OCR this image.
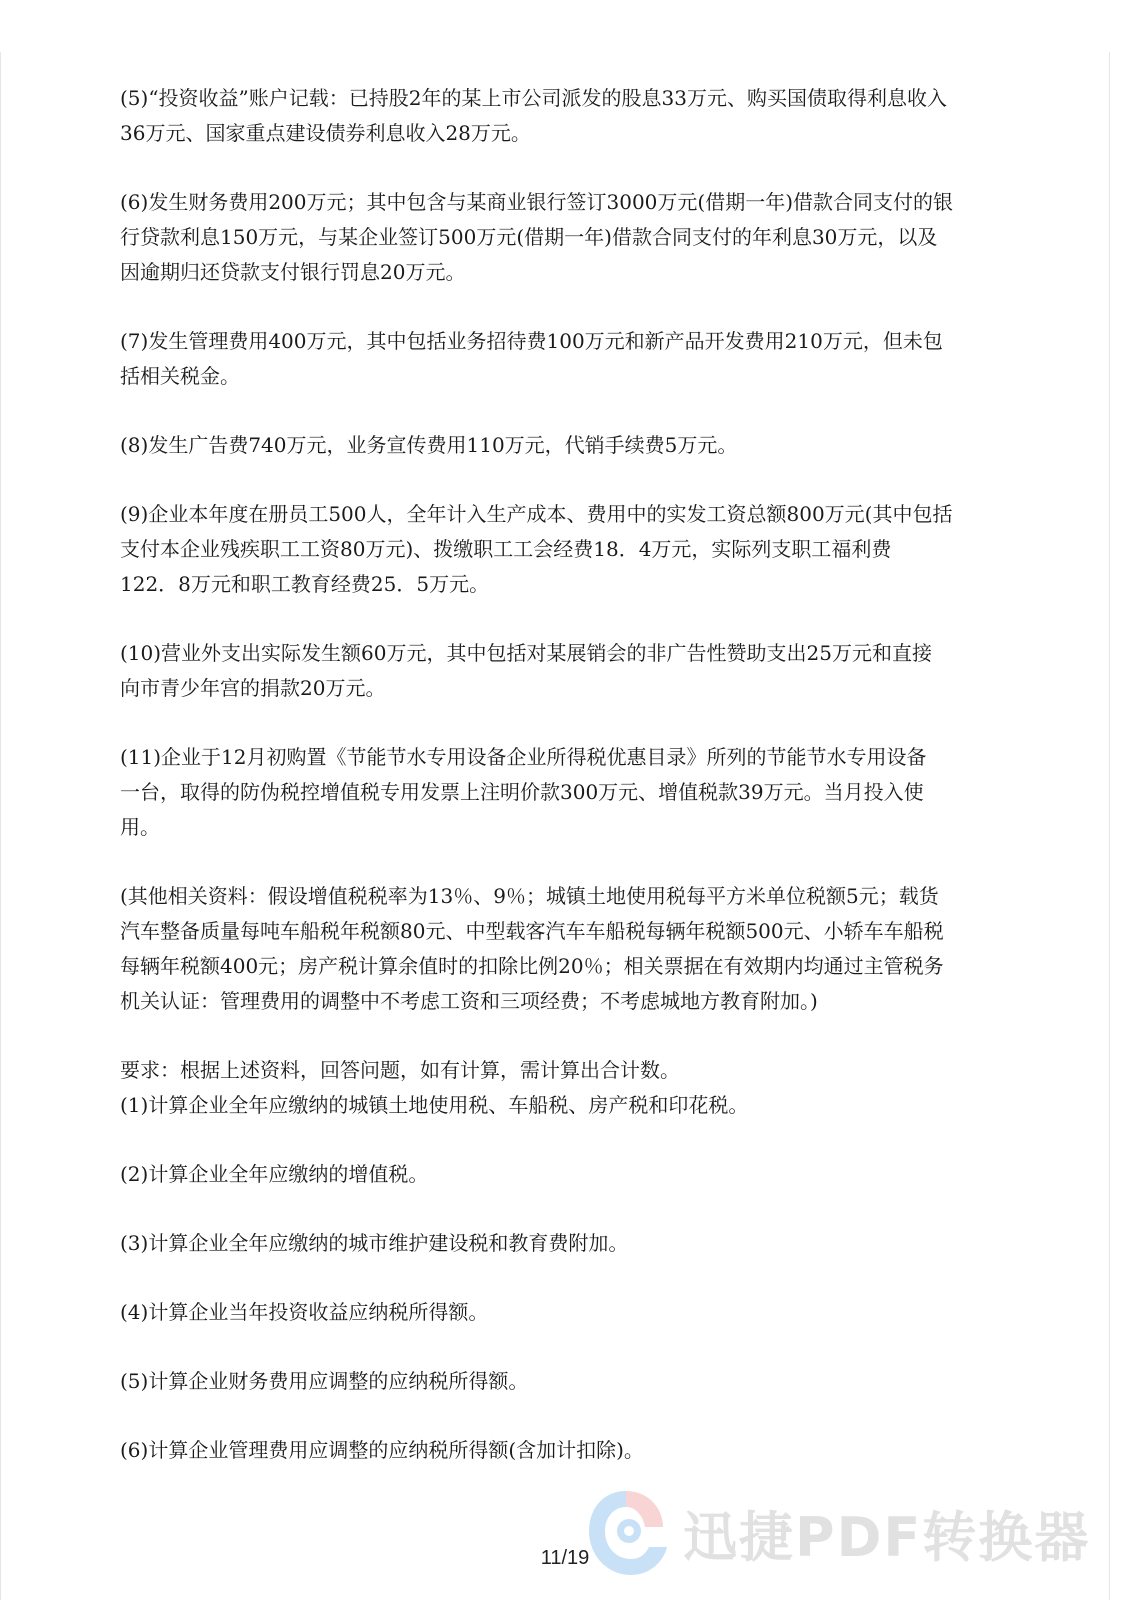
(5)“投资收益”账户记载：已持股2年的某上市公司派发的股息33万元、购买国债取得利息收入
36万元、国家重点建设债券利息收入28万元。

(6)发生财务费用200万元；其中包含与某商业银行签订3000万元(借期一年)借款合同支付的银
行贷款利息150万元，与某企业签订500万元(借期一年)借款合同支付的年利息30万元，以及
因逾期归还贷款支付银行罚息20万元。

(7)发生管理费用400万元，其中包括业务招待费100万元和新产品开发费用210万元，但未包
括相关税金。

(8)发生广告费740万元，业务宣传费用110万元，代销手续费5万元。

(9)企业本年度在册员工500人，全年计入生产成本、费用中的实发工资总额800万元(其中包括
支付本企业残疾职工工资80万元)、拨缴职工工会经费18．4万元，实际列支职工福利费
122．8万元和职工教育经费25．5万元。

(10)营业外支出实际发生额60万元，其中包括对某展销会的非广告性赞助支出25万元和直接
向市青少年宫的捐款20万元。

(11)企业于12月初购置《节能节水专用设备企业所得税优惠目录》所列的节能节水专用设备
一台，取得的防伪税控增值税专用发票上注明价款300万元、增值税款39万元。当月投入使
用。

(其他相关资料：假设增值税税率为13％、9％；城镇土地使用税每平方米单位税额5元；载货
汽车整备质量每吨车船税年税额80元、中型载客汽车车船税每辆年税额500元、小轿车车船税
每辆年税额400元；房产税计算余值时的扣除比例20％；相关票据在有效期内均通过主管税务
机关认证：管理费用的调整中不考虑工资和三项经费；不考虑城地方教育附加。)

要求：根据上述资料，回答问题，如有计算，需计算出合计数。

(1)计算企业全年应缴纳的城镇土地使用税、车船税、房产税和印花税。

(2)计算企业全年应缴纳的增值税。

(3)计算企业全年应缴纳的城市维护建设税和教育费附加。

(4)计算企业当年投资收益应纳税所得额。

(5)计算企业财务费用应调整的应纳税所得额。

(6)计算企业管理费用应调整的应纳税所得额(含加计扣除)。

11/19	迅捷PDF转换器
